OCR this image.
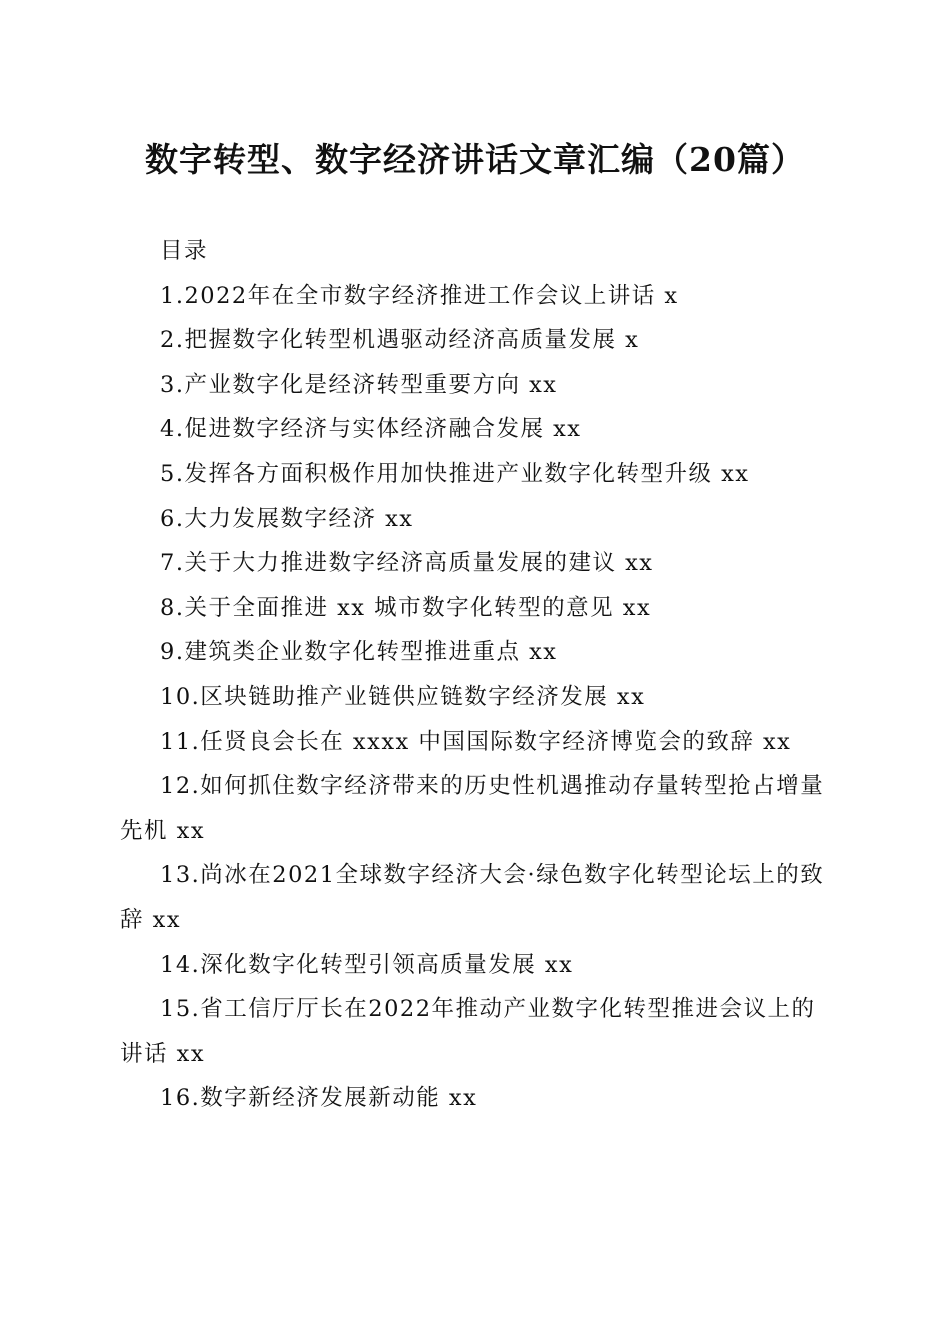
数字转型、数字经济讲话文章汇编（20篇）
目录
1.2022年在全市数字经济推进工作会议上讲话 x
2.把握数字化转型机遇驱动经济高质量发展 x
3.产业数字化是经济转型重要方向 xx
4.促进数字经济与实体经济融合发展 xx
5.发挥各方面积极作用加快推进产业数字化转型升级 xx
6.大力发展数字经济 xx
7.关于大力推进数字经济高质量发展的建议 xx
8.关于全面推进 xx 城市数字化转型的意见 xx
9.建筑类企业数字化转型推进重点 xx
10.区块链助推产业链供应链数字经济发展 xx
11.任贤良会长在 xxxx 中国国际数字经济博览会的致辞 xx
12.如何抓住数字经济带来的历史性机遇推动存量转型抢占增量先机 xx
13.尚冰在2021全球数字经济大会·绿色数字化转型论坛上的致辞 xx
14.深化数字化转型引领高质量发展 xx
15.省工信厅厅长在2022年推动产业数字化转型推进会议上的讲话 xx
16.数字新经济发展新动能 xx
